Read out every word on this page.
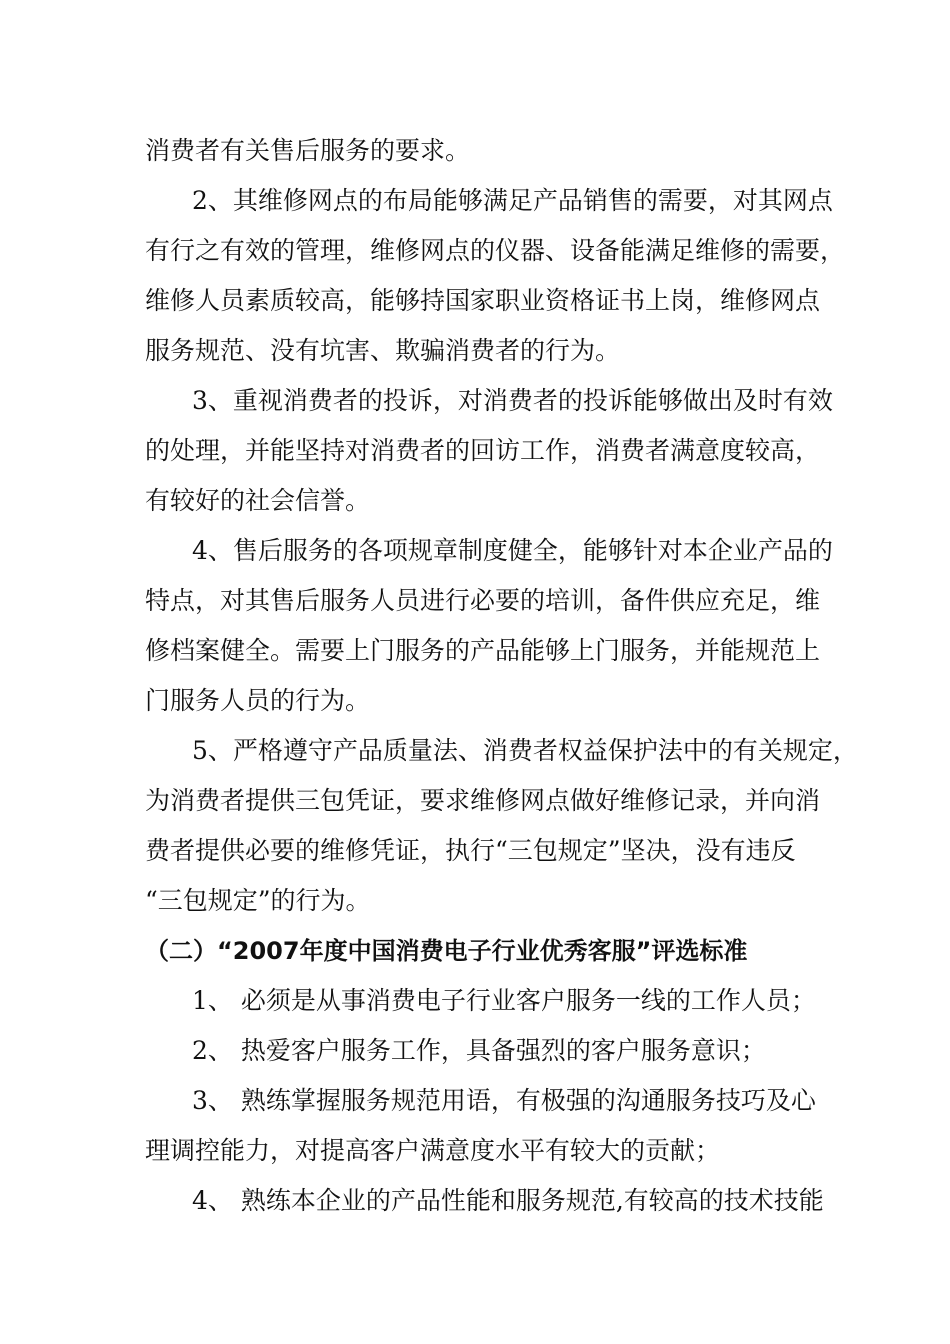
消费者有关售后服务的要求。
2、其维修网点的布局能够满足产品销售的需要，对其网点
有行之有效的管理，维修网点的仪器、设备能满足维修的需要，
维修人员素质较高，能够持国家职业资格证书上岗，维修网点
服务规范、没有坑害、欺骗消费者的行为。
3、重视消费者的投诉，对消费者的投诉能够做出及时有效
的处理，并能坚持对消费者的回访工作，消费者满意度较高，
有较好的社会信誉。
4、售后服务的各项规章制度健全，能够针对本企业产品的
特点，对其售后服务人员进行必要的培训，备件供应充足，维
修档案健全。需要上门服务的产品能够上门服务，并能规范上
门服务人员的行为。
5、严格遵守产品质量法、消费者权益保护法中的有关规定，
为消费者提供三包凭证，要求维修网点做好维修记录，并向消
费者提供必要的维修凭证，执行“三包规定”坚决，没有违反
“三包规定”的行为。
（二）“2007年度中国消费电子行业优秀客服”评选标准
1、 必须是从事消费电子行业客户服务一线的工作人员；
2、 热爱客户服务工作，具备强烈的客户服务意识；
3、 熟练掌握服务规范用语，有极强的沟通服务技巧及心
理调控能力，对提高客户满意度水平有较大的贡献；
4、 熟练本企业的产品性能和服务规范,有较高的技术技能
